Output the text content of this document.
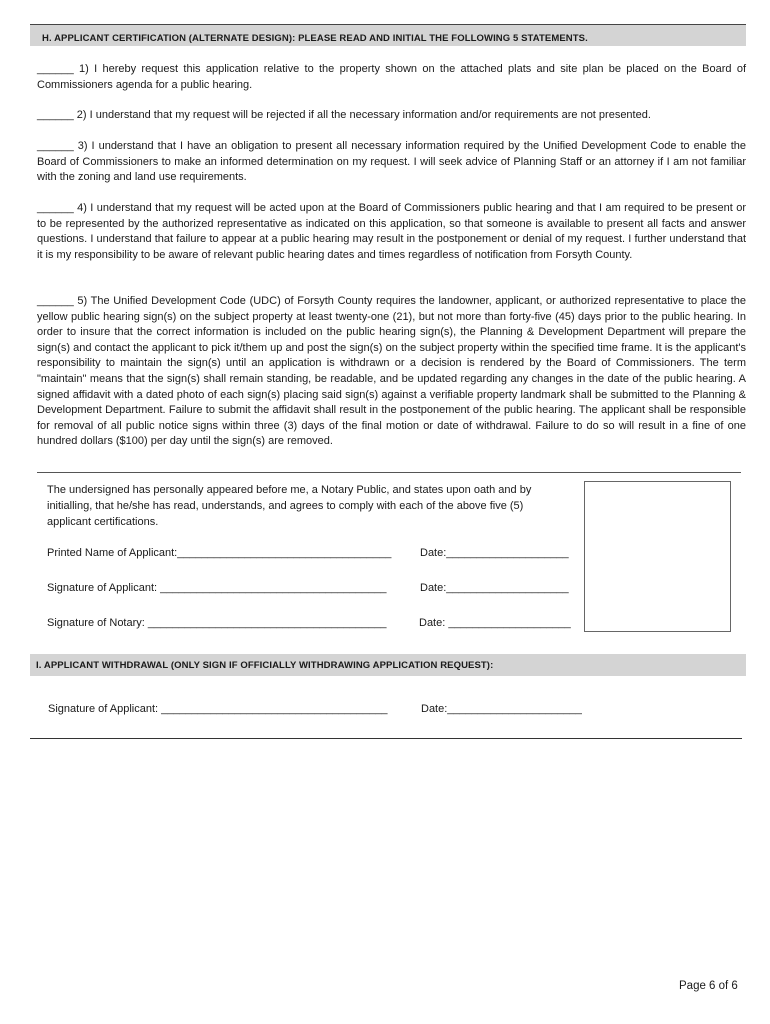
H. APPLICANT CERTIFICATION (ALTERNATE DESIGN): PLEASE READ AND INITIAL THE FOLLOWING 5 STATEMENTS.

______ 1) I hereby request this application relative to the property shown on the attached plats and site plan be placed on the Board of Commissioners agenda for a public hearing.

______ 2) I understand that my request will be rejected if all the necessary information and/or requirements are not presented.

______ 3) I understand that I have an obligation to present all necessary information required by the Unified Development Code to enable the Board of Commissioners to make an informed determination on my request. I will seek advice of Planning Staff or an attorney if I am not familiar with the zoning and land use requirements.

______ 4) I understand that my request will be acted upon at the Board of Commissioners public hearing and that I am required to be present or to be represented by the authorized representative as indicated on this application, so that someone is available to present all facts and answer questions. I understand that failure to appear at a public hearing may result in the postponement or denial of my request. I further understand that it is my responsibility to be aware of relevant public hearing dates and times regardless of notification from Forsyth County.

______ 5) The Unified Development Code (UDC) of Forsyth County requires the landowner, applicant, or authorized representative to place the yellow public hearing sign(s) on the subject property at least twenty-one (21), but not more than forty-five (45) days prior to the public hearing. In order to insure that the correct information is included on the public hearing sign(s), the Planning & Development Department will prepare the sign(s) and contact the applicant to pick it/them up and post the sign(s) on the subject property within the specified time frame. It is the applicant's responsibility to maintain the sign(s) until an application is withdrawn or a decision is rendered by the Board of Commissioners. The term "maintain" means that the sign(s) shall remain standing, be readable, and be updated regarding any changes in the date of the public hearing. A signed affidavit with a dated photo of each sign(s) placing said sign(s) against a verifiable property landmark shall be submitted to the Planning & Development Department. Failure to submit the affidavit shall result in the postponement of the public hearing. The applicant shall be responsible for removal of all public notice signs within three (3) days of the final motion or date of withdrawal. Failure to do so will result in a fine of one hundred dollars ($100) per day until the sign(s) are removed.

The undersigned has personally appeared before me, a Notary Public, and states upon oath and by initialling, that he/she has read, understands, and agrees to comply with each of the above five (5) applicant certifications.

Printed Name of Applicant:___________________________________	Date:____________________
Signature of Applicant: _____________________________________	Date:____________________
Signature of Notary: _______________________________________	Date: ____________________
I. APPLICANT WITHDRAWAL (ONLY SIGN IF OFFICIALLY WITHDRAWING APPLICATION REQUEST):
Signature of Applicant: _____________________________________	Date:______________________
Page 6 of 6
